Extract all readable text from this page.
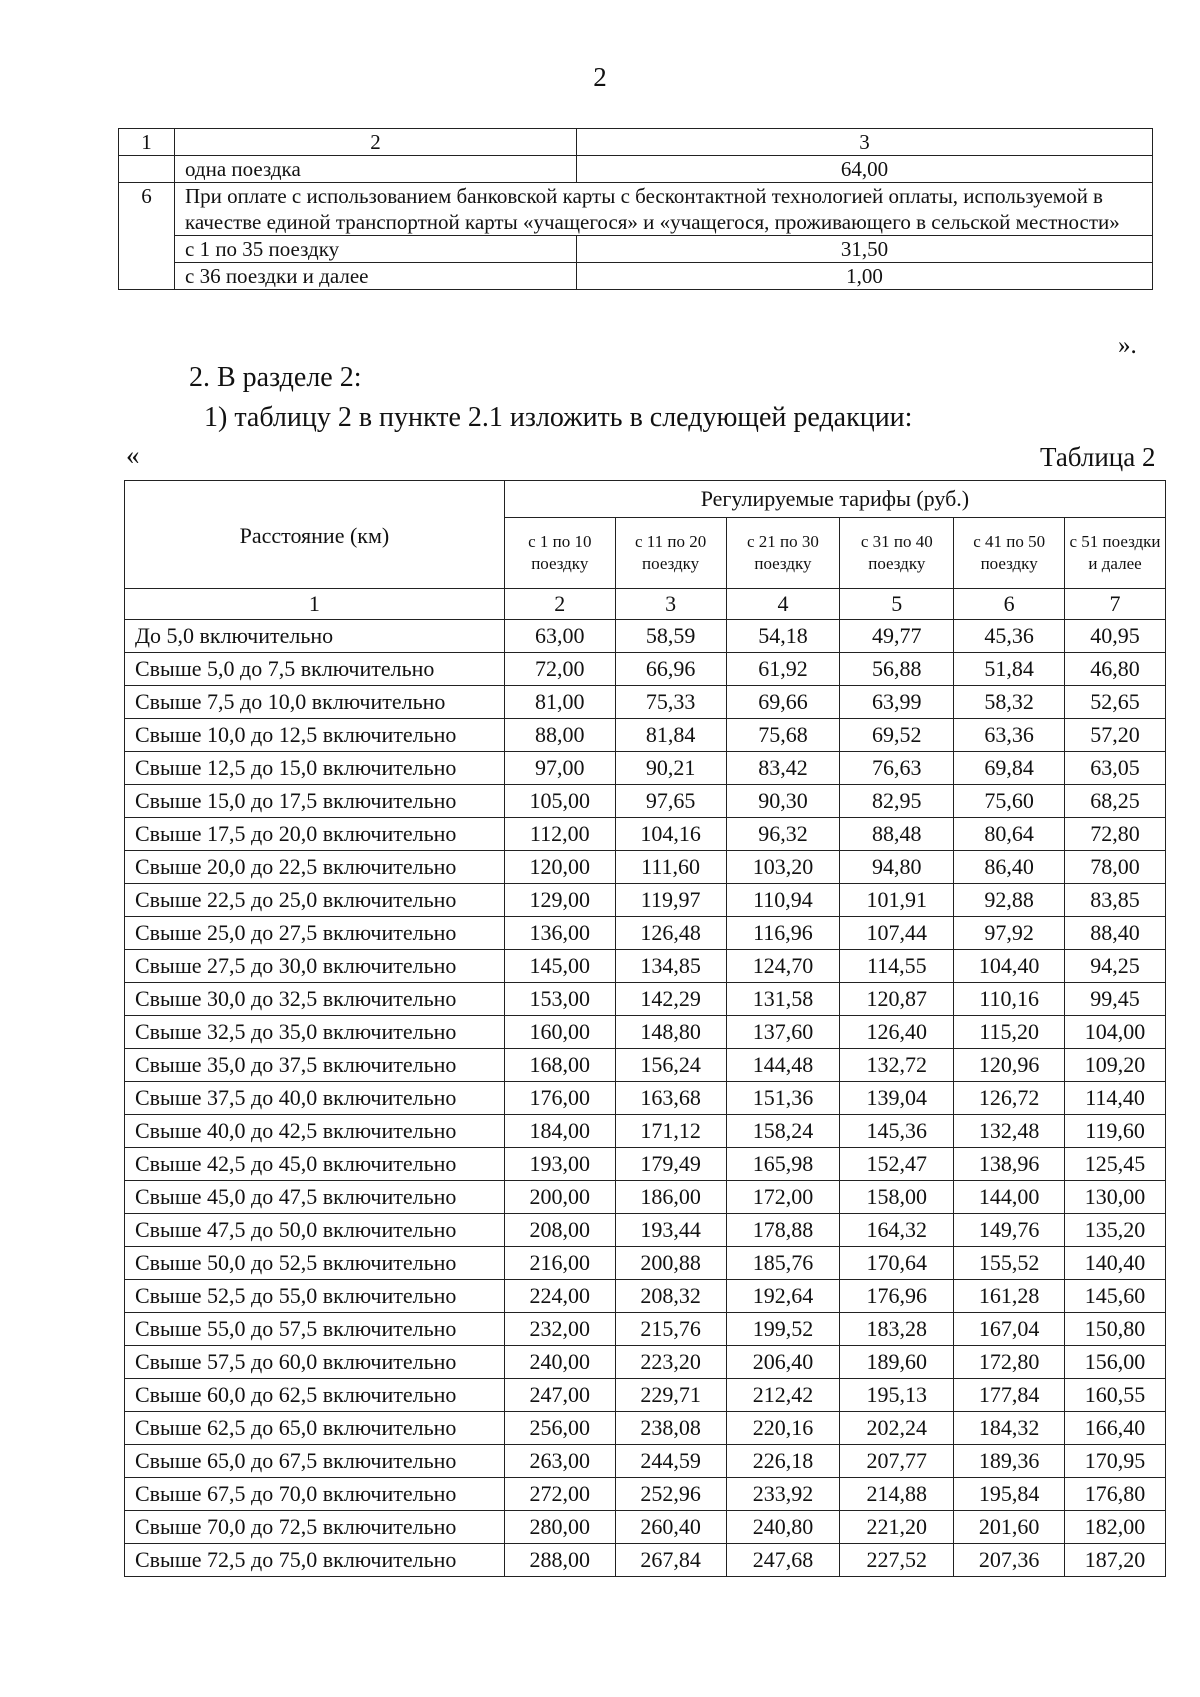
2
1	2	3
	одна поездка	64,00
6	При оплате с использованием банковской карты с бесконтактной технологией оплаты, используемой в качестве единой транспортной карты «учащегося» и «учащегося, проживающего в сельской местности»	
	с 1 по 35 поездку	31,50
	с 36 поездки и далее	1,00
».
2. В разделе 2:
1) таблицу 2 в пункте 2.1 изложить в следующей редакции:
«	Таблица 2
Расстояние (км)	Регулируемые тарифы (руб.)					
	с 1 по 10 поездку	с 11 по 20 поездку	с 21 по 30 поездку	с 31 по 40 поездку	с 41 по 50 поездку	с 51 поездки и далее
1	2	3	4	5	6	7
До 5,0 включительно	63,00	58,59	54,18	49,77	45,36	40,95
Свыше 5,0 до 7,5 включительно	72,00	66,96	61,92	56,88	51,84	46,80
Свыше 7,5 до 10,0 включительно	81,00	75,33	69,66	63,99	58,32	52,65
Свыше 10,0 до 12,5 включительно	88,00	81,84	75,68	69,52	63,36	57,20
Свыше 12,5 до 15,0 включительно	97,00	90,21	83,42	76,63	69,84	63,05
Свыше 15,0 до 17,5 включительно	105,00	97,65	90,30	82,95	75,60	68,25
Свыше 17,5 до 20,0 включительно	112,00	104,16	96,32	88,48	80,64	72,80
Свыше 20,0 до 22,5 включительно	120,00	111,60	103,20	94,80	86,40	78,00
Свыше 22,5 до 25,0 включительно	129,00	119,97	110,94	101,91	92,88	83,85
Свыше 25,0 до 27,5 включительно	136,00	126,48	116,96	107,44	97,92	88,40
Свыше 27,5 до 30,0 включительно	145,00	134,85	124,70	114,55	104,40	94,25
Свыше 30,0 до 32,5 включительно	153,00	142,29	131,58	120,87	110,16	99,45
Свыше 32,5 до 35,0 включительно	160,00	148,80	137,60	126,40	115,20	104,00
Свыше 35,0 до 37,5 включительно	168,00	156,24	144,48	132,72	120,96	109,20
Свыше 37,5 до 40,0 включительно	176,00	163,68	151,36	139,04	126,72	114,40
Свыше 40,0 до 42,5 включительно	184,00	171,12	158,24	145,36	132,48	119,60
Свыше 42,5 до 45,0 включительно	193,00	179,49	165,98	152,47	138,96	125,45
Свыше 45,0 до 47,5 включительно	200,00	186,00	172,00	158,00	144,00	130,00
Свыше 47,5 до 50,0 включительно	208,00	193,44	178,88	164,32	149,76	135,20
Свыше 50,0 до 52,5 включительно	216,00	200,88	185,76	170,64	155,52	140,40
Свыше 52,5 до 55,0 включительно	224,00	208,32	192,64	176,96	161,28	145,60
Свыше 55,0 до 57,5 включительно	232,00	215,76	199,52	183,28	167,04	150,80
Свыше 57,5 до 60,0 включительно	240,00	223,20	206,40	189,60	172,80	156,00
Свыше 60,0 до 62,5 включительно	247,00	229,71	212,42	195,13	177,84	160,55
Свыше 62,5 до 65,0 включительно	256,00	238,08	220,16	202,24	184,32	166,40
Свыше 65,0 до 67,5 включительно	263,00	244,59	226,18	207,77	189,36	170,95
Свыше 67,5 до 70,0 включительно	272,00	252,96	233,92	214,88	195,84	176,80
Свыше 70,0 до 72,5 включительно	280,00	260,40	240,80	221,20	201,60	182,00
Свыше 72,5 до 75,0 включительно	288,00	267,84	247,68	227,52	207,36	187,20
